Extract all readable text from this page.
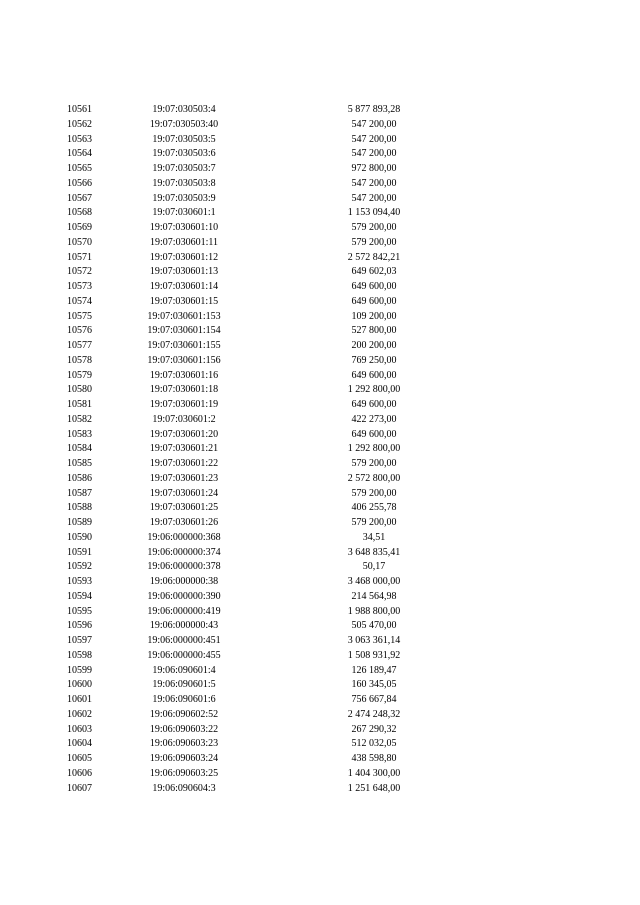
10561	19:07:030503:4	5 877 893,28
10562	19:07:030503:40	547 200,00
10563	19:07:030503:5	547 200,00
10564	19:07:030503:6	547 200,00
10565	19:07:030503:7	972 800,00
10566	19:07:030503:8	547 200,00
10567	19:07:030503:9	547 200,00
10568	19:07:030601:1	1 153 094,40
10569	19:07:030601:10	579 200,00
10570	19:07:030601:11	579 200,00
10571	19:07:030601:12	2 572 842,21
10572	19:07:030601:13	649 602,03
10573	19:07:030601:14	649 600,00
10574	19:07:030601:15	649 600,00
10575	19:07:030601:153	109 200,00
10576	19:07:030601:154	527 800,00
10577	19:07:030601:155	200 200,00
10578	19:07:030601:156	769 250,00
10579	19:07:030601:16	649 600,00
10580	19:07:030601:18	1 292 800,00
10581	19:07:030601:19	649 600,00
10582	19:07:030601:2	422 273,00
10583	19:07:030601:20	649 600,00
10584	19:07:030601:21	1 292 800,00
10585	19:07:030601:22	579 200,00
10586	19:07:030601:23	2 572 800,00
10587	19:07:030601:24	579 200,00
10588	19:07:030601:25	406 255,78
10589	19:07:030601:26	579 200,00
10590	19:06:000000:368	34,51
10591	19:06:000000:374	3 648 835,41
10592	19:06:000000:378	50,17
10593	19:06:000000:38	3 468 000,00
10594	19:06:000000:390	214 564,98
10595	19:06:000000:419	1 988 800,00
10596	19:06:000000:43	505 470,00
10597	19:06:000000:451	3 063 361,14
10598	19:06:000000:455	1 508 931,92
10599	19:06:090601:4	126 189,47
10600	19:06:090601:5	160 345,05
10601	19:06:090601:6	756 667,84
10602	19:06:090602:52	2 474 248,32
10603	19:06:090603:22	267 290,32
10604	19:06:090603:23	512 032,05
10605	19:06:090603:24	438 598,80
10606	19:06:090603:25	1 404 300,00
10607	19:06:090604:3	1 251 648,00
